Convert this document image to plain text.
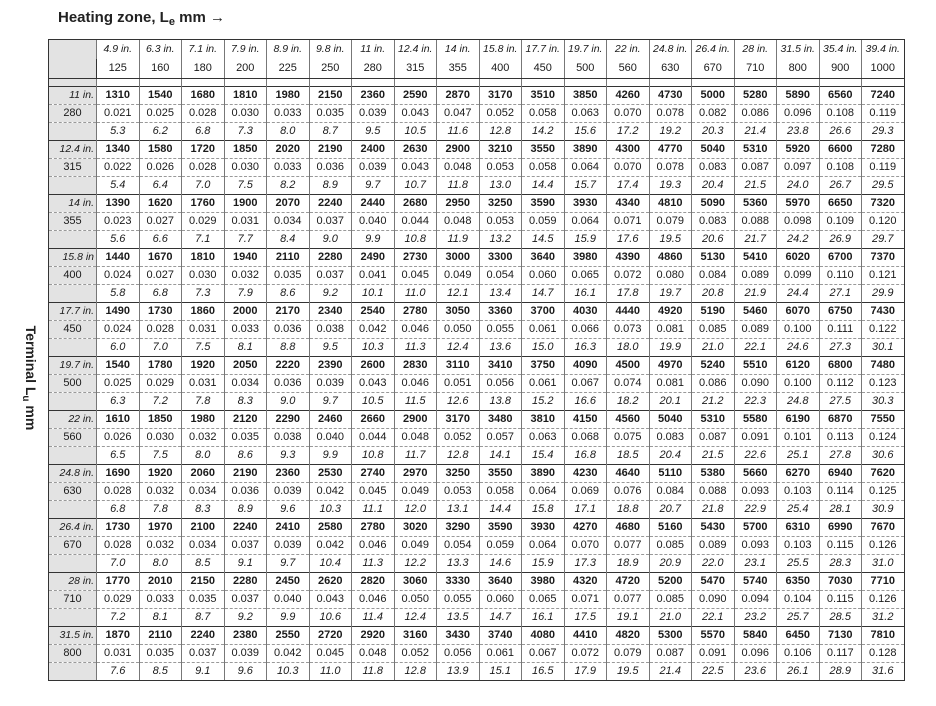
Heating zone, $L_e$ mm →
Terminal $L_u$ mm
	4.9 in.	6.3 in.	7.1 in.	7.9 in.	8.9 in.	9.8 in.	11 in.	12.4 in.	14 in.	15.8 in.	17.7 in.	19.7 in.	22 in.	24.8 in.	26.4 in.	28 in.	31.5 in.	35.4 in.	39.4 in.
	125	160	180	200	225	250	280	315	355	400	450	500	560	630	670	710	800	900	1000

11 in.	1310	1540	1680	1810	1980	2150	2360	2590	2870	3170	3510	3850	4260	4730	5000	5280	5890	6560	7240
280	0.021	0.025	0.028	0.030	0.033	0.035	0.039	0.043	0.047	0.052	0.058	0.063	0.070	0.078	0.082	0.086	0.096	0.108	0.119
	5.3	6.2	6.8	7.3	8.0	8.7	9.5	10.5	11.6	12.8	14.2	15.6	17.2	19.2	20.3	21.4	23.8	26.6	29.3
12.4 in.	1340	1580	1720	1850	2020	2190	2400	2630	2900	3210	3550	3890	4300	4770	5040	5310	5920	6600	7280
315	0.022	0.026	0.028	0.030	0.033	0.036	0.039	0.043	0.048	0.053	0.058	0.064	0.070	0.078	0.083	0.087	0.097	0.108	0.119
	5.4	6.4	7.0	7.5	8.2	8.9	9.7	10.7	11.8	13.0	14.4	15.7	17.4	19.3	20.4	21.5	24.0	26.7	29.5
14 in.	1390	1620	1760	1900	2070	2240	2440	2680	2950	3250	3590	3930	4340	4810	5090	5360	5970	6650	7320
355	0.023	0.027	0.029	0.031	0.034	0.037	0.040	0.044	0.048	0.053	0.059	0.064	0.071	0.079	0.083	0.088	0.098	0.109	0.120
	5.6	6.6	7.1	7.7	8.4	9.0	9.9	10.8	11.9	13.2	14.5	15.9	17.6	19.5	20.6	21.7	24.2	26.9	29.7
15.8 in	1440	1670	1810	1940	2110	2280	2490	2730	3000	3300	3640	3980	4390	4860	5130	5410	6020	6700	7370
400	0.024	0.027	0.030	0.032	0.035	0.037	0.041	0.045	0.049	0.054	0.060	0.065	0.072	0.080	0.084	0.089	0.099	0.110	0.121
	5.8	6.8	7.3	7.9	8.6	9.2	10.1	11.0	12.1	13.4	14.7	16.1	17.8	19.7	20.8	21.9	24.4	27.1	29.9
17.7 in.	1490	1730	1860	2000	2170	2340	2540	2780	3050	3360	3700	4030	4440	4920	5190	5460	6070	6750	7430
450	0.024	0.028	0.031	0.033	0.036	0.038	0.042	0.046	0.050	0.055	0.061	0.066	0.073	0.081	0.085	0.089	0.100	0.111	0.122
	6.0	7.0	7.5	8.1	8.8	9.5	10.3	11.3	12.4	13.6	15.0	16.3	18.0	19.9	21.0	22.1	24.6	27.3	30.1
19.7 in.	1540	1780	1920	2050	2220	2390	2600	2830	3110	3410	3750	4090	4500	4970	5240	5510	6120	6800	7480
500	0.025	0.029	0.031	0.034	0.036	0.039	0.043	0.046	0.051	0.056	0.061	0.067	0.074	0.081	0.086	0.090	0.100	0.112	0.123
	6.3	7.2	7.8	8.3	9.0	9.7	10.5	11.5	12.6	13.8	15.2	16.6	18.2	20.1	21.2	22.3	24.8	27.5	30.3
22 in.	1610	1850	1980	2120	2290	2460	2660	2900	3170	3480	3810	4150	4560	5040	5310	5580	6190	6870	7550
560	0.026	0.030	0.032	0.035	0.038	0.040	0.044	0.048	0.052	0.057	0.063	0.068	0.075	0.083	0.087	0.091	0.101	0.113	0.124
	6.5	7.5	8.0	8.6	9.3	9.9	10.8	11.7	12.8	14.1	15.4	16.8	18.5	20.4	21.5	22.6	25.1	27.8	30.6
24.8 in.	1690	1920	2060	2190	2360	2530	2740	2970	3250	3550	3890	4230	4640	5110	5380	5660	6270	6940	7620
630	0.028	0.032	0.034	0.036	0.039	0.042	0.045	0.049	0.053	0.058	0.064	0.069	0.076	0.084	0.088	0.093	0.103	0.114	0.125
	6.8	7.8	8.3	8.9	9.6	10.3	11.1	12.0	13.1	14.4	15.8	17.1	18.8	20.7	21.8	22.9	25.4	28.1	30.9
26.4 in.	1730	1970	2100	2240	2410	2580	2780	3020	3290	3590	3930	4270	4680	5160	5430	5700	6310	6990	7670
670	0.028	0.032	0.034	0.037	0.039	0.042	0.046	0.049	0.054	0.059	0.064	0.070	0.077	0.085	0.089	0.093	0.103	0.115	0.126
	7.0	8.0	8.5	9.1	9.7	10.4	11.3	12.2	13.3	14.6	15.9	17.3	18.9	20.9	22.0	23.1	25.5	28.3	31.0
28 in.	1770	2010	2150	2280	2450	2620	2820	3060	3330	3640	3980	4320	4720	5200	5470	5740	6350	7030	7710
710	0.029	0.033	0.035	0.037	0.040	0.043	0.046	0.050	0.055	0.060	0.065	0.071	0.077	0.085	0.090	0.094	0.104	0.115	0.126
	7.2	8.1	8.7	9.2	9.9	10.6	11.4	12.4	13.5	14.7	16.1	17.5	19.1	21.0	22.1	23.2	25.7	28.5	31.2
31.5 in.	1870	2110	2240	2380	2550	2720	2920	3160	3430	3740	4080	4410	4820	5300	5570	5840	6450	7130	7810
800	0.031	0.035	0.037	0.039	0.042	0.045	0.048	0.052	0.056	0.061	0.067	0.072	0.079	0.087	0.091	0.096	0.106	0.117	0.128
	7.6	8.5	9.1	9.6	10.3	11.0	11.8	12.8	13.9	15.1	16.5	17.9	19.5	21.4	22.5	23.6	26.1	28.9	31.6
